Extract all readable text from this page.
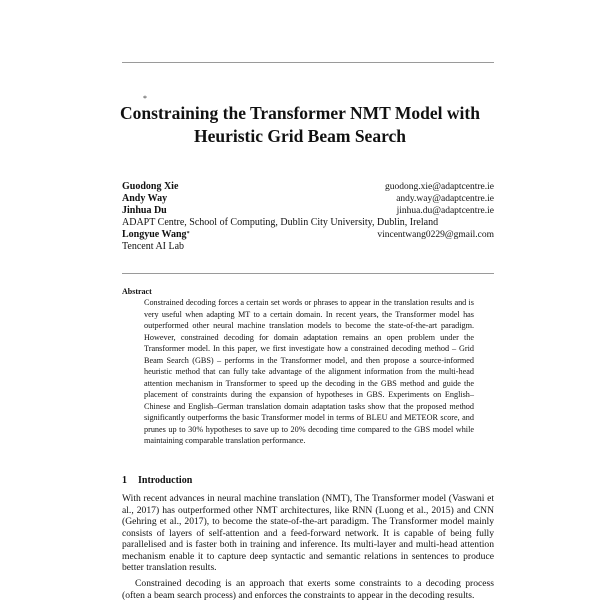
*
Constraining the Transformer NMT Model with
Heuristic Grid Beam Search
Guodong Xie	guodong.xie@adaptcentre.ie
Andy Way	andy.way@adaptcentre.ie
Jinhua Du	jinhua.du@adaptcentre.ie
ADAPT Centre, School of Computing, Dublin City University, Dublin, Ireland
Longyue Wang*	vincentwang0229@gmail.com
Tencent AI Lab
Abstract

Constrained decoding forces a certain set words or phrases to appear in the translation results and is very useful when adapting MT to a certain domain. In recent years, the Transformer model has outperformed other neural machine translation models to become the state-of-the-art paradigm. However, constrained decoding for domain adaptation remains an open problem under the Transformer model. In this paper, we first investigate how a constrained decoding method – Grid Beam Search (GBS) – performs in the Transformer model, and then propose a source-informed heuristic method that can fully take advantage of the alignment information from the multi-head attention mechanism in Transformer to speed up the decoding in the GBS method and guide the placement of constraints during the expansion of hypotheses in GBS. Experiments on English–Chinese and English–German translation domain adaptation tasks show that the proposed method significantly outperforms the basic Transformer model in terms of BLEU and METEOR score, and prunes up to 30% hypotheses to save up to 20% decoding time compared to the GBS model while maintaining comparable translation performance.

1 Introduction

With recent advances in neural machine translation (NMT), The Transformer model (Vaswani et al., 2017) has outperformed other NMT architectures, like RNN (Luong et al., 2015) and CNN (Gehring et al., 2017), to become the state-of-the-art paradigm. The Transformer model mainly consists of layers of self-attention and a feed-forward network. It is capable of being fully parallelised and is faster both in training and inference. Its multi-layer and multi-head attention mechanism enable it to capture deep syntactic and semantic relations in sentences to produce better translation results.

Constrained decoding is an approach that exerts some constraints to a decoding process (often a beam search process) and enforces the constraints to appear in the decoding results.
